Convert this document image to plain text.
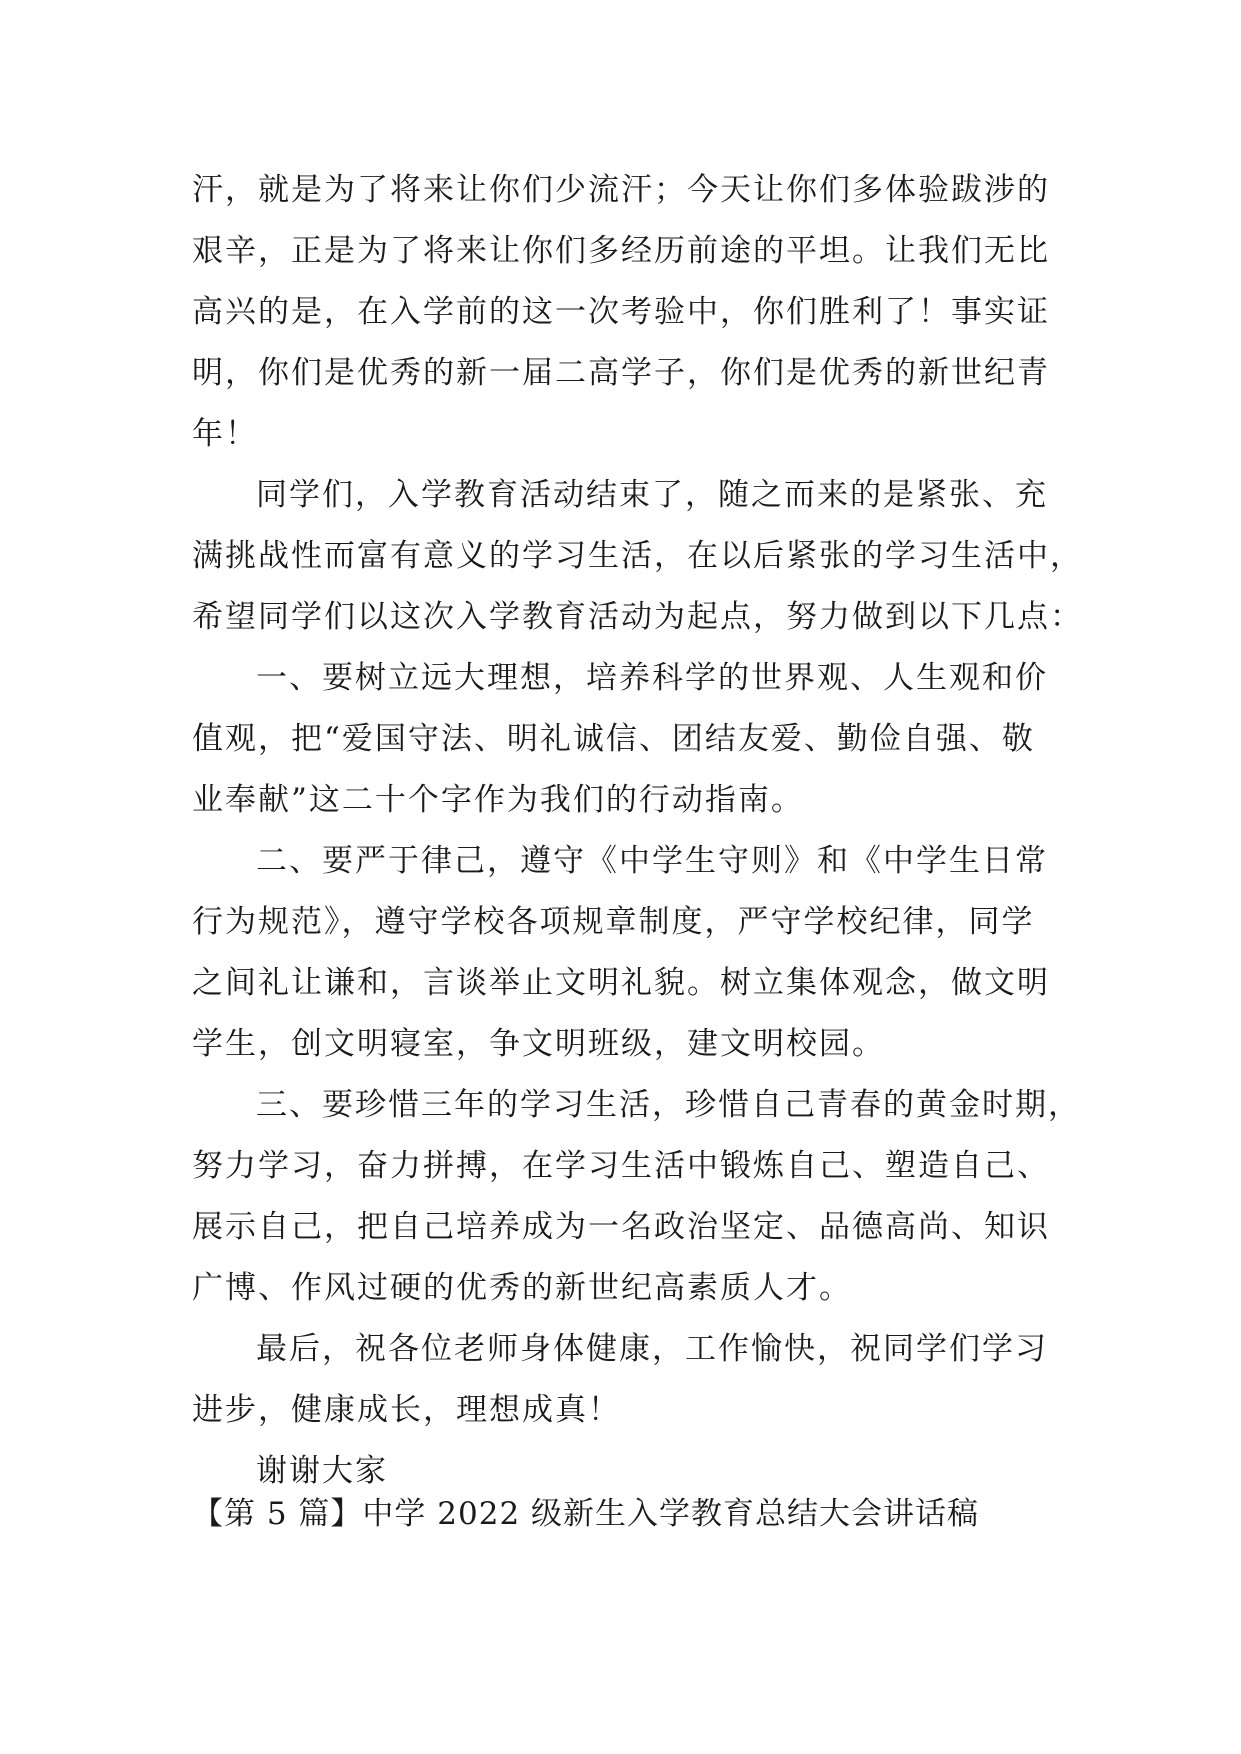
汗，就是为了将来让你们少流汗；今天让你们多体验跋涉的
艰辛，正是为了将来让你们多经历前途的平坦。让我们无比
高兴的是，在入学前的这一次考验中，你们胜利了！事实证
明，你们是优秀的新一届二高学子，你们是优秀的新世纪青
年！
同学们，入学教育活动结束了，随之而来的是紧张、充
满挑战性而富有意义的学习生活，在以后紧张的学习生活中，
希望同学们以这次入学教育活动为起点，努力做到以下几点：
一、要树立远大理想，培养科学的世界观、人生观和价
值观，把“爱国守法、明礼诚信、团结友爱、勤俭自强、敬
业奉献”这二十个字作为我们的行动指南。
二、要严于律己，遵守《中学生守则》和《中学生日常
行为规范》，遵守学校各项规章制度，严守学校纪律，同学
之间礼让谦和，言谈举止文明礼貌。树立集体观念，做文明
学生，创文明寝室，争文明班级，建文明校园。
三、要珍惜三年的学习生活，珍惜自己青春的黄金时期，
努力学习，奋力拼搏，在学习生活中锻炼自己、塑造自己、
展示自己，把自己培养成为一名政治坚定、品德高尚、知识
广博、作风过硬的优秀的新世纪高素质人才。
最后，祝各位老师身体健康，工作愉快，祝同学们学习
进步，健康成长，理想成真！
谢谢大家
【第 5 篇】中学 2022 级新生入学教育总结大会讲话稿
